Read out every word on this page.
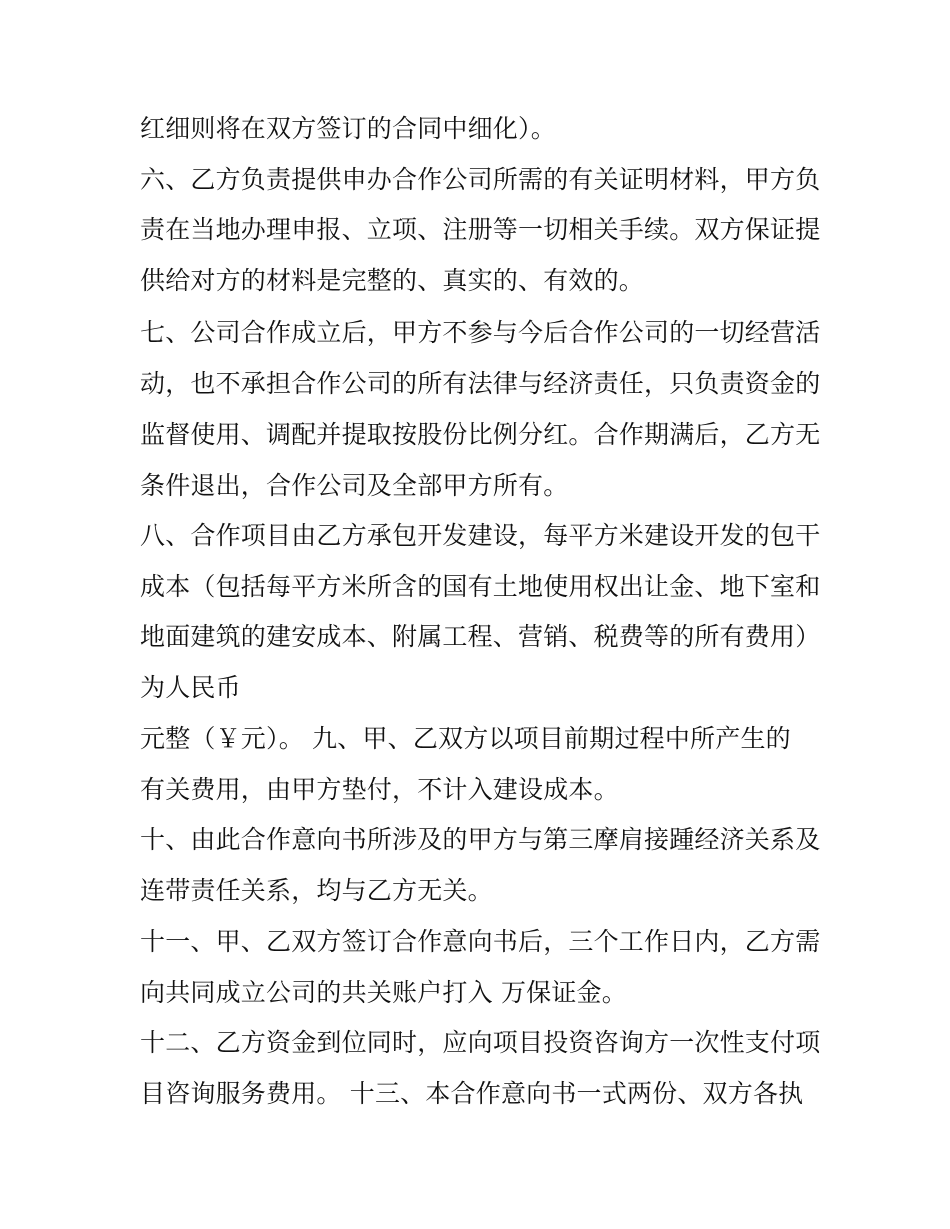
红细则将在双方签订的合同中细化）。
六、乙方负责提供申办合作公司所需的有关证明材料，甲方负
责在当地办理申报、立项、注册等一切相关手续。双方保证提
供给对方的材料是完整的、真实的、有效的。
七、公司合作成立后，甲方不参与今后合作公司的一切经营活
动，也不承担合作公司的所有法律与经济责任，只负责资金的
监督使用、调配并提取按股份比例分红。合作期满后，乙方无
条件退出，合作公司及全部甲方所有。
八、合作项目由乙方承包开发建设，每平方米建设开发的包干
成本（包括每平方米所含的国有土地使用权出让金、地下室和
地面建筑的建安成本、附属工程、营销、税费等的所有费用）
为人民币
元整（￥元）。 九、甲、乙双方以项目前期过程中所产生的
有关费用，由甲方垫付，不计入建设成本。
十、由此合作意向书所涉及的甲方与第三摩肩接踵经济关系及
连带责任关系，均与乙方无关。
十一、甲、乙双方签订合作意向书后，三个工作日内，乙方需
向共同成立公司的共关账户打入 万保证金。
十二、乙方资金到位同时，应向项目投资咨询方一次性支付项
目咨询服务费用。 十三、本合作意向书一式两份、双方各执
